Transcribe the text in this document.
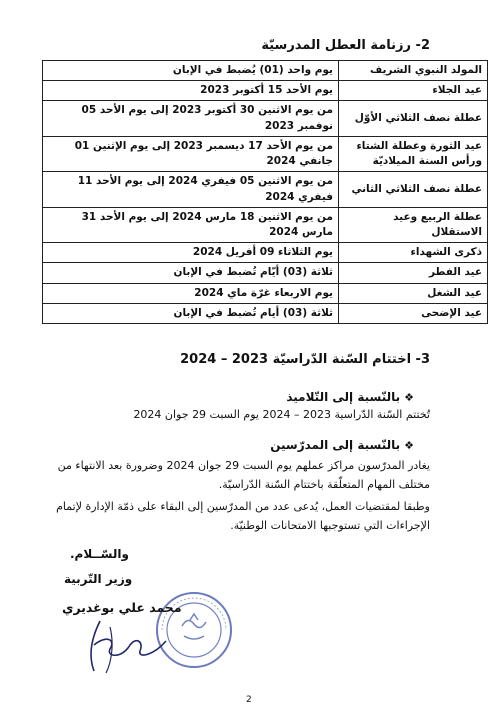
2- رزنامة العطل المدرسيّة
المولد النبوي الشريف	يوم واحد (01) يُضبط في الإبان
عيد الجلاء	يوم الأحد 15 أكتوبر 2023
عطلة نصف الثلاثي الأوّل	من يوم الاثنين 30 أكتوبر 2023 إلى يوم الأحد 05 نوفمبر 2023
عيد الثورة وعطلة الشتاء ورأس السنة الميلاديّة	من يوم الأحد 17 ديسمبر 2023 إلى يوم الإثنين 01 جانفي 2024
عطلة نصف الثلاثي الثاني	من يوم الاثنين 05 فيفري 2024 إلى يوم الأحد 11 فيفري 2024
عطلة الربيع وعيد الاستقلال	من يوم الاثنين 18 مارس 2024 إلى يوم الأحد 31 مارس 2024
ذكرى الشهداء	يوم الثلاثاء 09 أفريل 2024
عيد الفطر	ثلاثة (03) أيّام تُضبط في الإبان
عيد الشغل	يوم الاربعاء غرّة ماي 2024
عيد الإضحى	ثلاثة (03) أيام تُضبط في الإبان
3- اختتام السّنة الدّراسيّة 2023 – 2024
❖بالنّسبة إلى التّلاميذ
تُختتم السّنة الدّراسية 2023 – 2024 يوم السبت 29 جوان 2024
❖بالنّسبة إلى المدرّسين
يغادر المدرّسون مراكز عملهم يوم السبت 29 جوان 2024 وضرورة بعد الانتهاء من مختلف المهام المتعلّقة باختتام السّنة الدّراسيّة.
وطبقا لمقتضيات العمل، يُدعى عدد من المدرّسين إلى البقاء على ذمّة الإدارة لإتمام الإجراءات التي تستوجبها الامتحانات الوطنيّة.
والسّــلام.
وزير التّربية
محمد علي بوغديري
2
